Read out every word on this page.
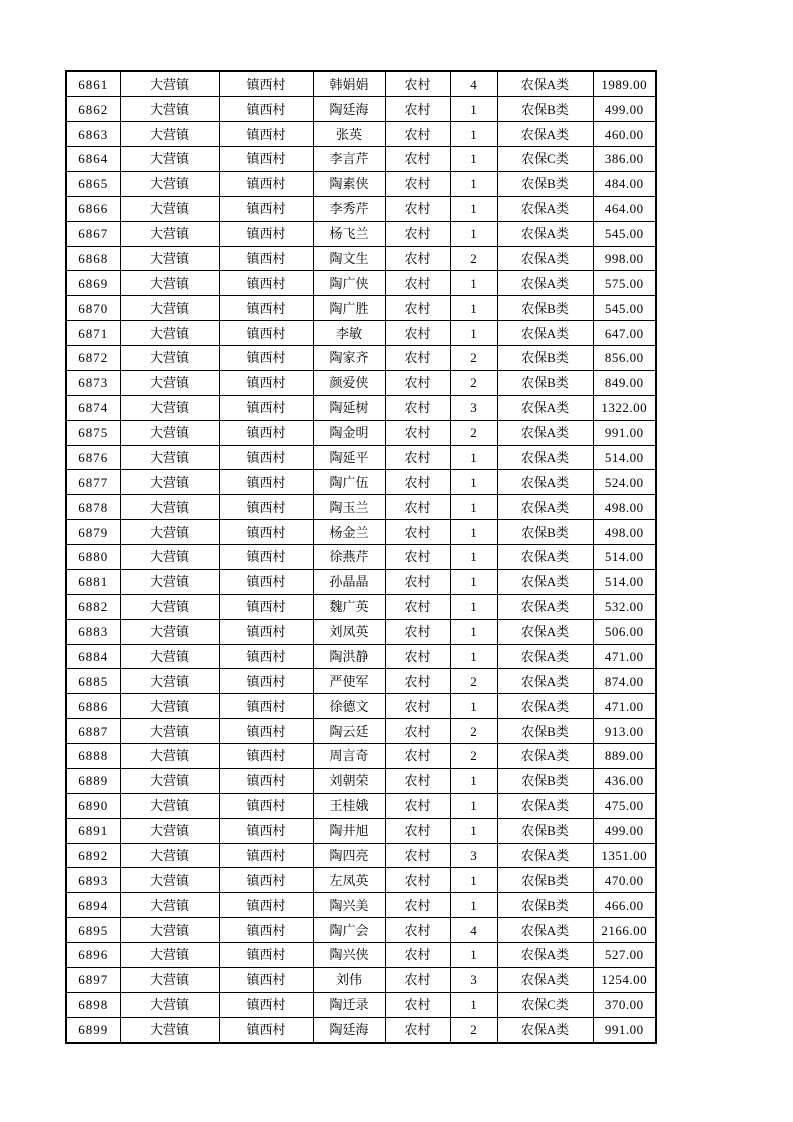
6861	大营镇	镇西村	韩娟娟	农村	4	农保A类	1989.00
6862	大营镇	镇西村	陶廷海	农村	1	农保B类	499.00
6863	大营镇	镇西村	张英	农村	1	农保A类	460.00
6864	大营镇	镇西村	李言芹	农村	1	农保C类	386.00
6865	大营镇	镇西村	陶素侠	农村	1	农保B类	484.00
6866	大营镇	镇西村	李秀芹	农村	1	农保A类	464.00
6867	大营镇	镇西村	杨飞兰	农村	1	农保A类	545.00
6868	大营镇	镇西村	陶文生	农村	2	农保A类	998.00
6869	大营镇	镇西村	陶广侠	农村	1	农保A类	575.00
6870	大营镇	镇西村	陶广胜	农村	1	农保B类	545.00
6871	大营镇	镇西村	李敏	农村	1	农保A类	647.00
6872	大营镇	镇西村	陶家齐	农村	2	农保B类	856.00
6873	大营镇	镇西村	颜爱侠	农村	2	农保B类	849.00
6874	大营镇	镇西村	陶延树	农村	3	农保A类	1322.00
6875	大营镇	镇西村	陶金明	农村	2	农保A类	991.00
6876	大营镇	镇西村	陶延平	农村	1	农保A类	514.00
6877	大营镇	镇西村	陶广伍	农村	1	农保A类	524.00
6878	大营镇	镇西村	陶玉兰	农村	1	农保A类	498.00
6879	大营镇	镇西村	杨金兰	农村	1	农保B类	498.00
6880	大营镇	镇西村	徐燕芹	农村	1	农保A类	514.00
6881	大营镇	镇西村	孙晶晶	农村	1	农保A类	514.00
6882	大营镇	镇西村	魏广英	农村	1	农保A类	532.00
6883	大营镇	镇西村	刘凤英	农村	1	农保A类	506.00
6884	大营镇	镇西村	陶洪静	农村	1	农保A类	471.00
6885	大营镇	镇西村	严使军	农村	2	农保A类	874.00
6886	大营镇	镇西村	徐德文	农村	1	农保A类	471.00
6887	大营镇	镇西村	陶云廷	农村	2	农保B类	913.00
6888	大营镇	镇西村	周言奇	农村	2	农保A类	889.00
6889	大营镇	镇西村	刘朝荣	农村	1	农保B类	436.00
6890	大营镇	镇西村	王桂娥	农村	1	农保A类	475.00
6891	大营镇	镇西村	陶井旭	农村	1	农保B类	499.00
6892	大营镇	镇西村	陶四亮	农村	3	农保A类	1351.00
6893	大营镇	镇西村	左凤英	农村	1	农保B类	470.00
6894	大营镇	镇西村	陶兴美	农村	1	农保B类	466.00
6895	大营镇	镇西村	陶广会	农村	4	农保A类	2166.00
6896	大营镇	镇西村	陶兴侠	农村	1	农保A类	527.00
6897	大营镇	镇西村	刘伟	农村	3	农保A类	1254.00
6898	大营镇	镇西村	陶迁录	农村	1	农保C类	370.00
6899	大营镇	镇西村	陶廷海	农村	2	农保A类	991.00
